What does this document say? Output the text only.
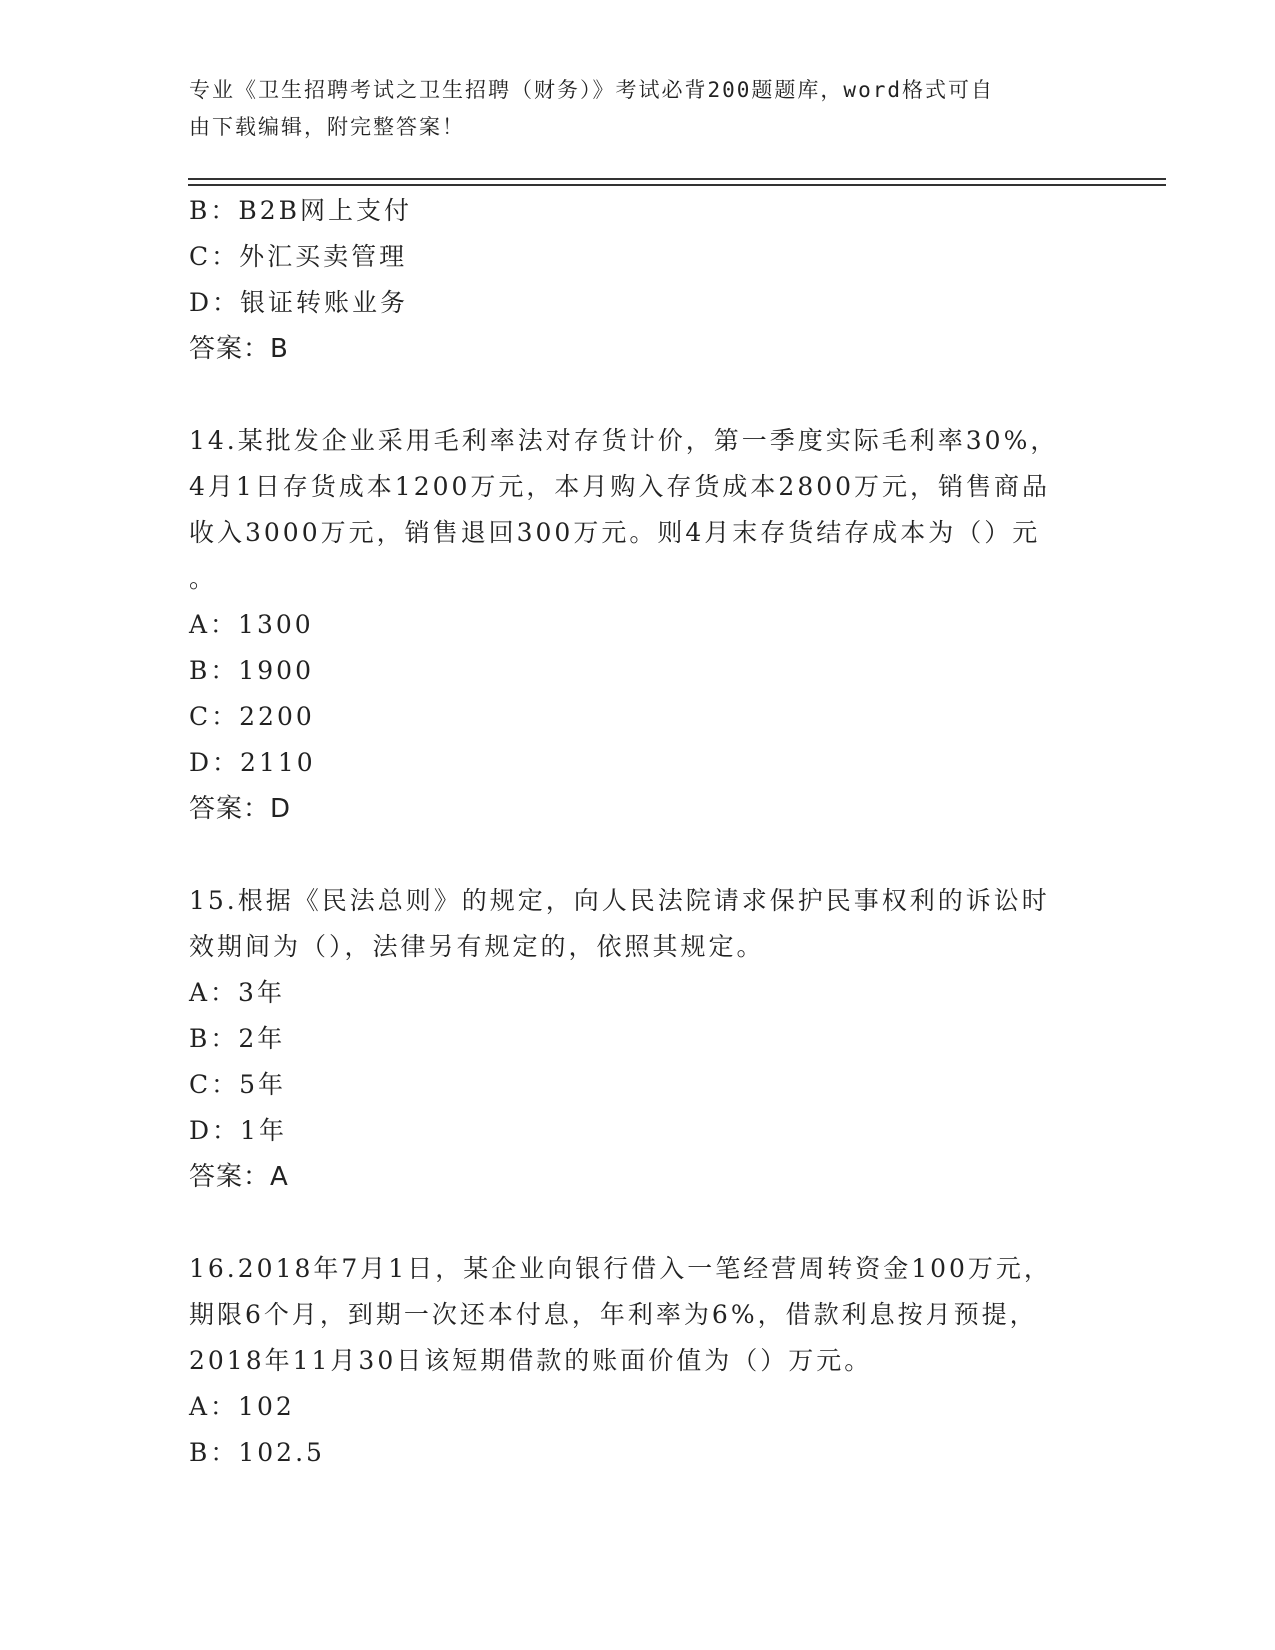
专业《卫生招聘考试之卫生招聘（财务）》考试必背200题题库，word格式可自
由下载编辑，附完整答案！
B：B2B网上支付
C：外汇买卖管理
D：银证转账业务
答案：B
14.某批发企业采用毛利率法对存货计价，第一季度实际毛利率30%，
4月1日存货成本1200万元，本月购入存货成本2800万元，销售商品
收入3000万元，销售退回300万元。则4月末存货结存成本为（）元
。
A：1300
B：1900
C：2200
D：2110
答案：D
15.根据《民法总则》的规定，向人民法院请求保护民事权利的诉讼时
效期间为（），法律另有规定的，依照其规定。
A：3年
B：2年
C：5年
D：1年
答案：A
16.2018年7月1日，某企业向银行借入一笔经营周转资金100万元，
期限6个月，到期一次还本付息，年利率为6%，借款利息按月预提，
2018年11月30日该短期借款的账面价值为（）万元。
A：102
B：102.5
